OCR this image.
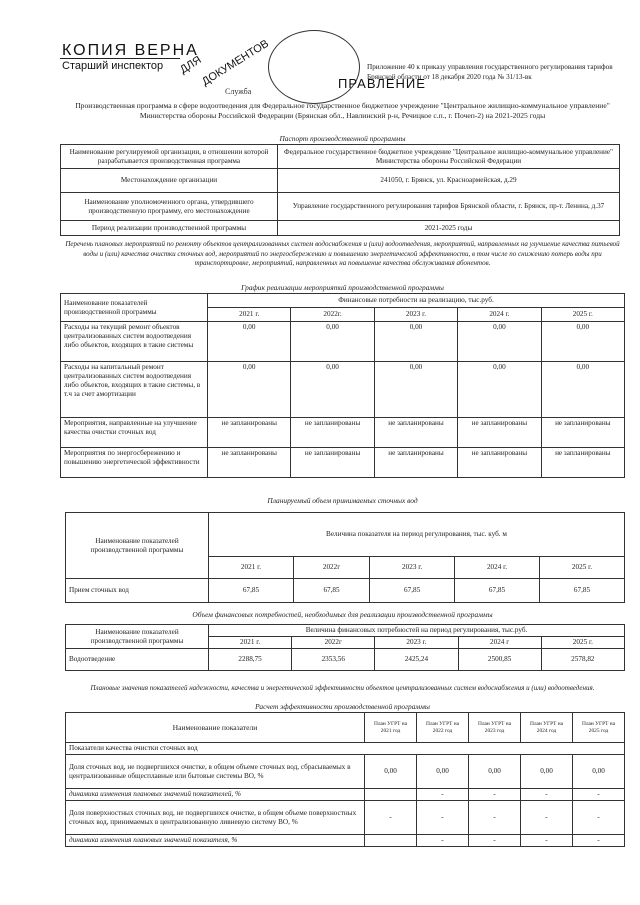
КОПИЯ ВЕРНА
Старший инспектор ДЛЯ
ДОКУМЕНТОВ	ПРАВЛЕНИЕ
Служба
Приложение 40 к приказу управления государственного регулирования тарифов Брянской области от 18 декабря 2020 года № 31/13-вк
Производственная программа в сфере водоотведения для Федеральное государственное бюджетное учреждение "Центральное жилищно-коммунальное управление" Министерства обороны Российской Федерации (Брянская обл., Навлинский р-н, Речицкое с.п., г. Почеп-2) на 2021-2025 годы
Паспорт производственной программы
Наименование регулируемой организации, в отношении которой разрабатывается производственная программа	Федеральное государственное бюджетное учреждение "Центральное жилищно-коммунальное управление" Министерства обороны Российской Федерации
Местонахождение организации	241050, г. Брянск, ул. Красноармейская, д.29
Наименование уполномоченного органа, утвердившего производственную программу, его местонахождение	Управление государственного регулирования тарифов Брянской области, г. Брянск, пр-т. Ленина, д.37
Период реализации производственной программы	2021-2025 годы
Перечень плановых мероприятий по ремонту объектов централизованных систем водоснабжения и (или) водоотведения, мероприятий, направленных на улучшение качества питьевой воды и (или) качества очистки сточных вод, мероприятий по энергосбережению и повышению энергетической эффективности, в том числе по снижению потерь воды при транспортировке, мероприятий, направленных на повышение качества обслуживания абонентов.
График реализации мероприятий производственной программы
Наименование показателей производственной программы	Финансовые потребности на реализацию, тыс.руб.				
	2021 г.	2022г.	2023 г.	2024 г.	2025 г.
Расходы на текущий ремонт объектов централизованных систем водоотведения либо объектов, входящих в такие системы	0,00	0,00	0,00	0,00	0,00
Расходы на капитальный ремонт централизованных систем водоотведения либо объектов, входящих в такие системы, в т.ч за счет амортизации	0,00	0,00	0,00	0,00	0,00
Мероприятия, направленные на улучшение качества очистки сточных вод	не запланированы	не запланированы	не запланированы	не запланированы	не запланированы
Мероприятия по энергосбережению и повышению энергетической эффективности	не запланированы	не запланированы	не запланированы	не запланированы	не запланированы
Планируемый объем принимаемых сточных вод
Наименование показателей производственной программы	Величина показателя на период регулирования, тыс. куб. м				
	2021 г.	2022г	2023 г.	2024 г.	2025 г.
Прием сточных вод	67,85	67,85	67,85	67,85	67,85
Объем финансовых потребностей, необходимых для реализации производственной программы
Наименование показателей производственной программы	Величина финансовых потребностей на период регулирования, тыс.руб.				
	2021 г.	2022г	2023 г.	2024 г	2025 г.
Водоотведение	2288,75	2353,56	2425,24	2500,85	2578,82
Плановые значения показателей надежности, качества и энергетической эффективности объектов централизованных систем водоснабжения и (или) водоотведения.
Расчет эффективности производственной программы
Наименование показатели	План УГРТ на 2021 год	План УГРТ на 2022 год	План УГРТ на 2023 год	План УГРТ на 2024 год	План УГРТ на 2025 год
Показатели качества очистки сточных вод					
Доля сточных вод, не подвергшихся очистке, в общем объеме сточных вод, сбрасываемых в централизованные общесплавные или бытовые системы ВО, %	0,00	0,00	0,00	0,00	0,00
динамика изменения плановых значений показателей, %		-	-	-	-
Доля поверхностных сточных вод, не подвергшихся очистке, в общем объеме поверхностных сточных вод, принимаемых в централизованную ливневую систему ВО, %	-	-	-	-	-
динамика изменения плановых значений показателя, %		-	-	-	-
